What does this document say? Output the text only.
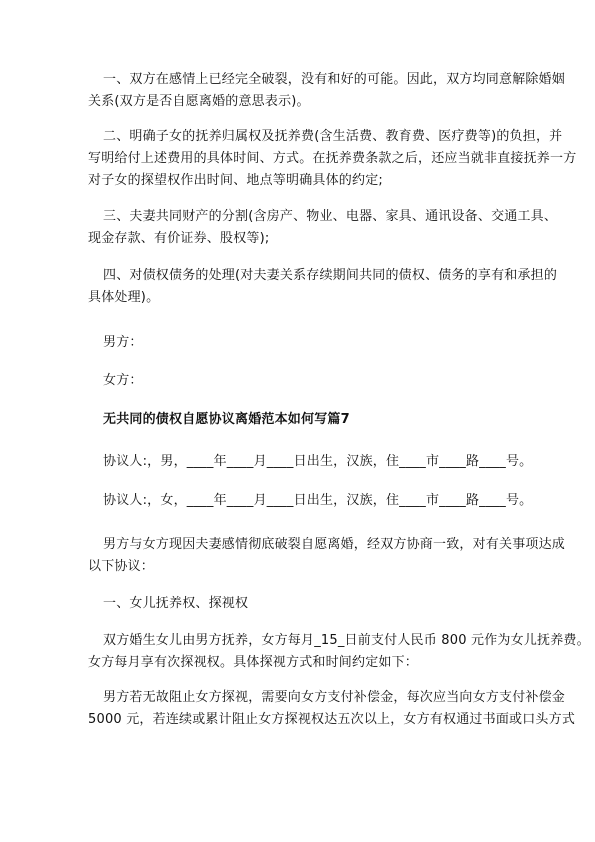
一、双方在感情上已经完全破裂，没有和好的可能。因此，双方均同意解除婚姻
关系(双方是否自愿离婚的意思表示)。

二、明确子女的抚养归属权及抚养费(含生活费、教育费、医疗费等)的负担，并
写明给付上述费用的具体时间、方式。在抚养费条款之后，还应当就非直接抚养一方
对子女的探望权作出时间、地点等明确具体的约定;

三、夫妻共同财产的分割(含房产、物业、电器、家具、通讯设备、交通工具、
现金存款、有价证券、股权等);

四、对债权债务的处理(对夫妻关系存续期间共同的债权、债务的享有和承担的
具体处理)。

男方：

女方：

无共同的债权自愿协议离婚范本如何写篇7

协议人:，男，____年____月____日出生，汉族，住____市____路____号。

协议人:，女，____年____月____日出生，汉族，住____市____路____号。

男方与女方现因夫妻感情彻底破裂自愿离婚，经双方协商一致，对有关事项达成
以下协议：

一、女儿抚养权、探视权

双方婚生女儿由男方抚养，女方每月_15_日前支付人民币 800 元作为女儿抚养费。
女方每月享有次探视权。具体探视方式和时间约定如下：

男方若无故阻止女方探视，需要向女方支付补偿金，每次应当向女方支付补偿金
5000 元，若连续或累计阻止女方探视权达五次以上，女方有权通过书面或口头方式
